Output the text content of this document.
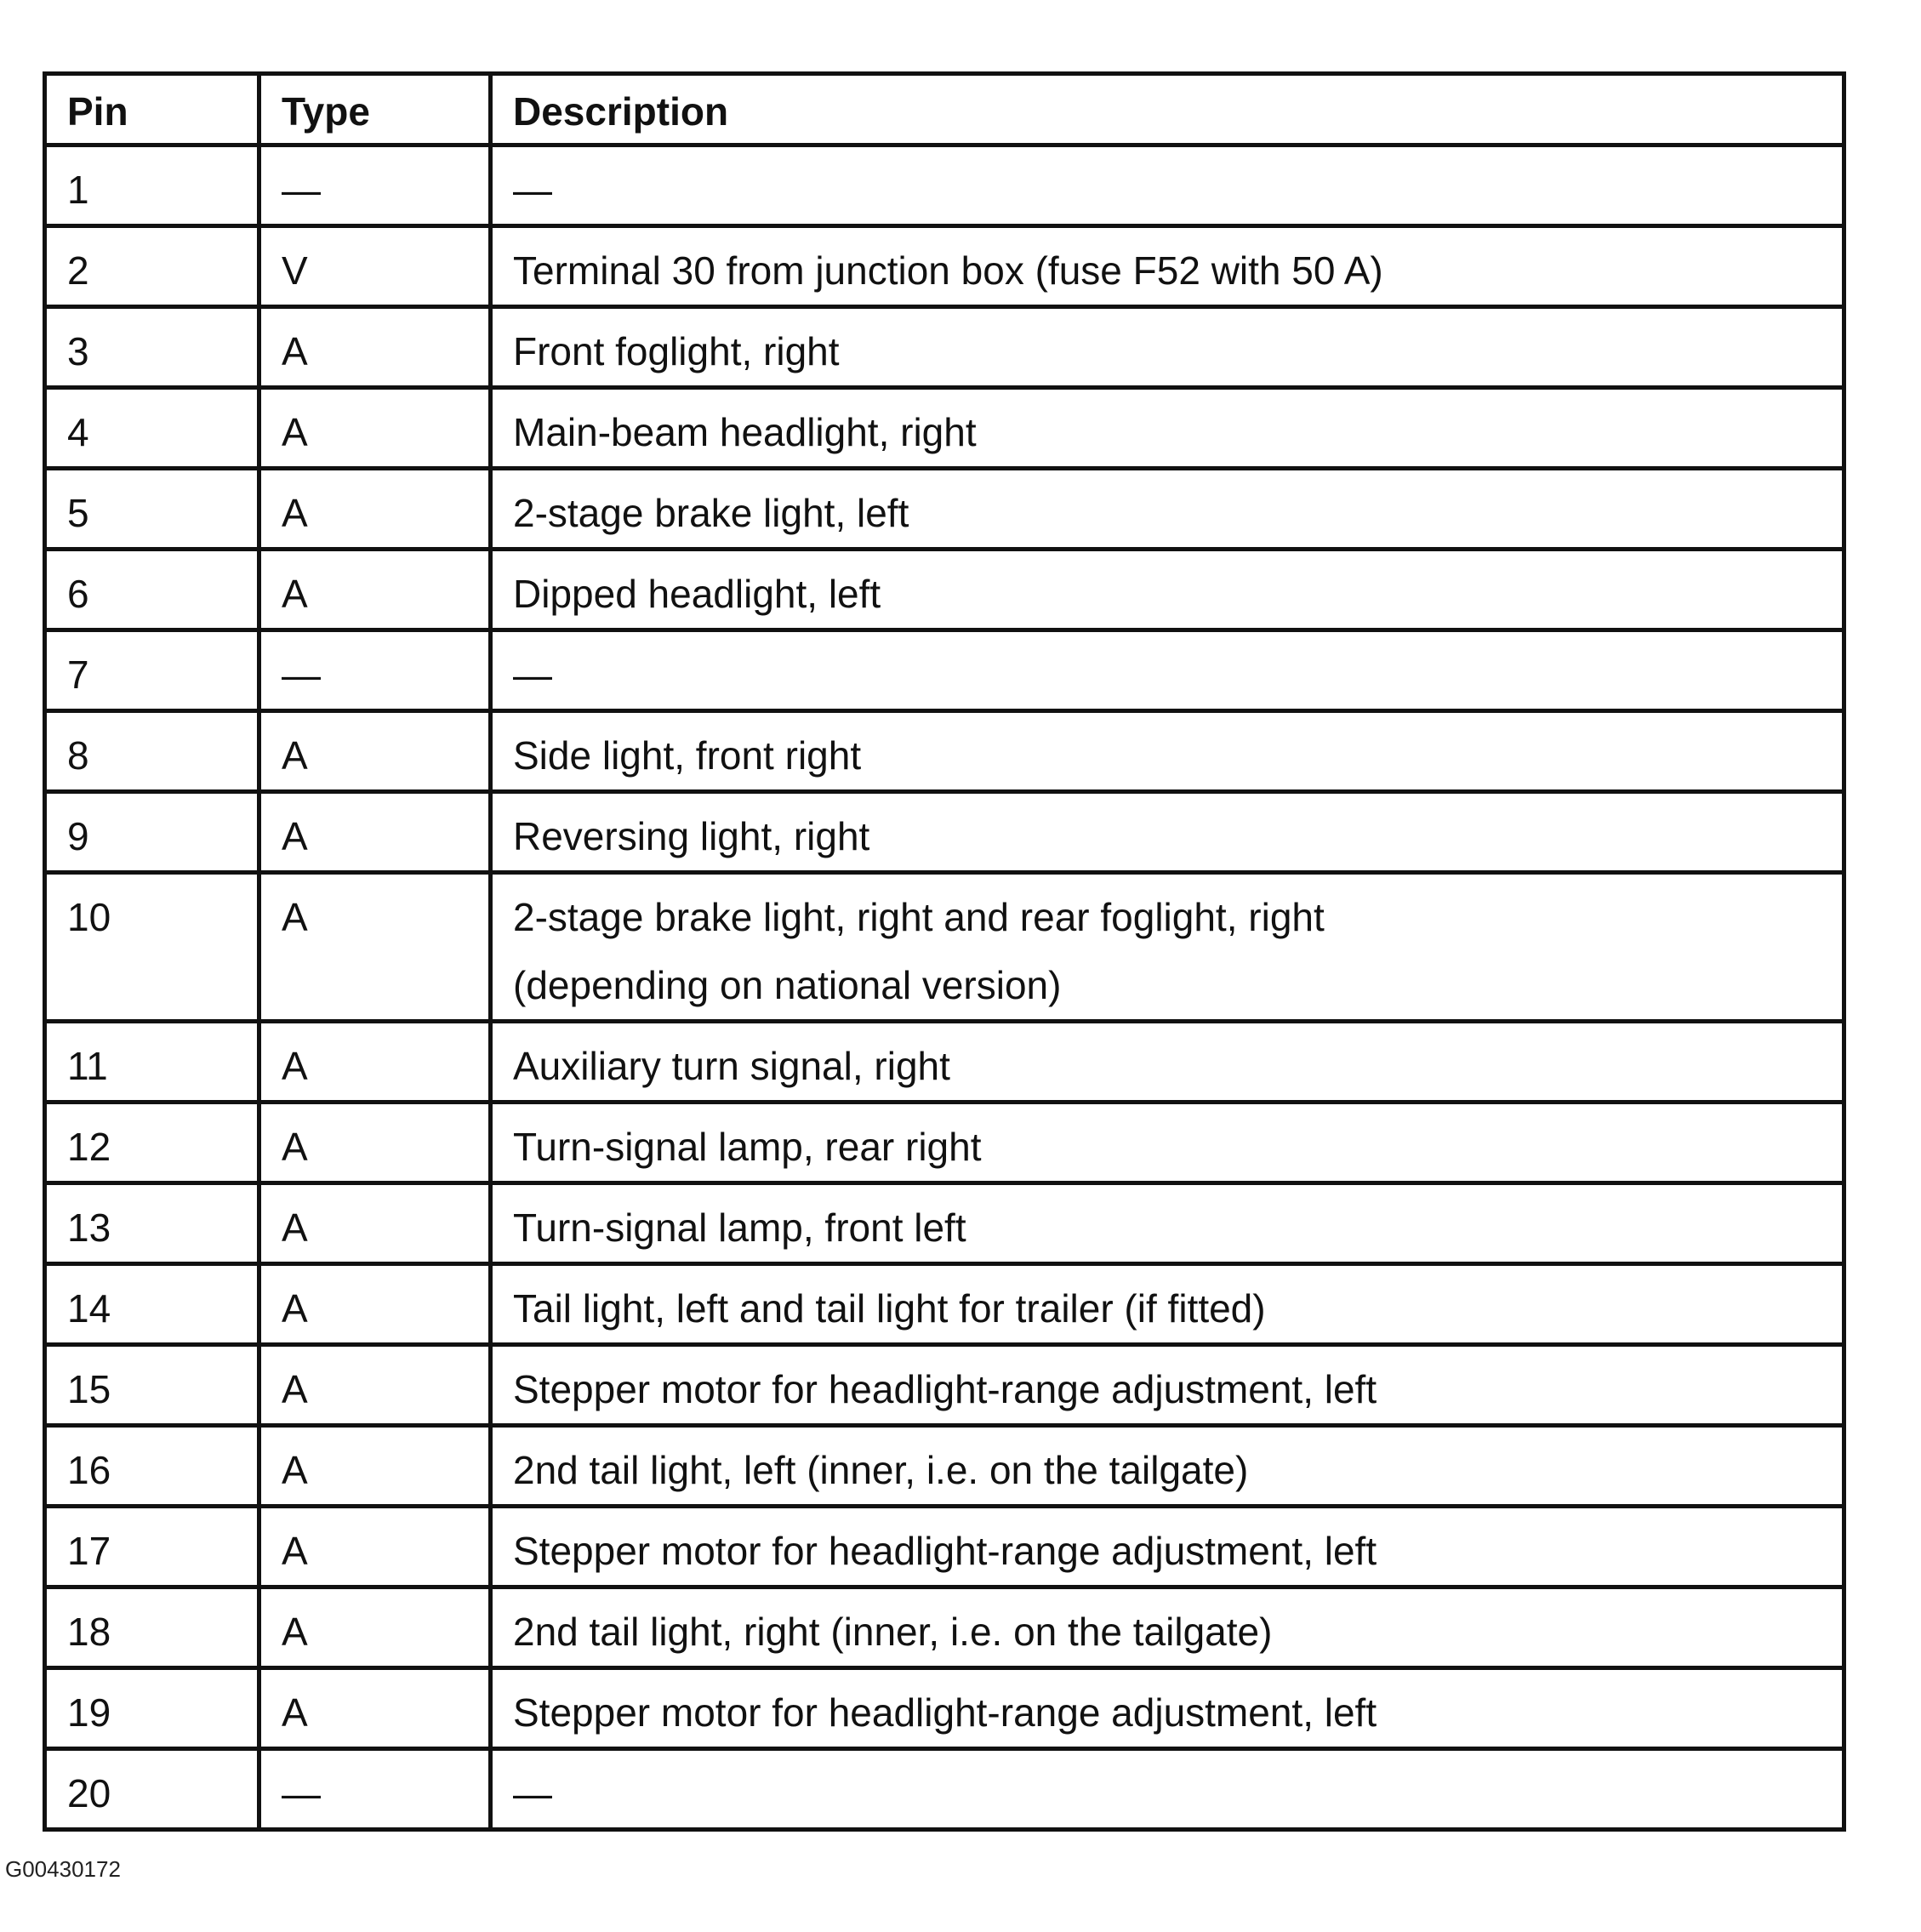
Pin	Type	Description
1	—	—

2	V	Terminal 30 from junction box (fuse F52 with 50 A)

3	A	Front foglight, right

4	A	Main-beam headlight, right

5	A	2-stage brake light, left

6	A	Dipped headlight, left

7	—	—

8	A	Side light, front right

9	A	Reversing light, right

10	A	2-stage brake light, right and rear foglight, right
(depending on national version)

11	A	Auxiliary turn signal, right

12	A	Turn-signal lamp, rear right

13	A	Turn-signal lamp, front left

14	A	Tail light, left and tail light for trailer (if fitted)

15	A	Stepper motor for headlight-range adjustment, left

16	A	2nd tail light, left (inner, i.e. on the tailgate)

17	A	Stepper motor for headlight-range adjustment, left

18	A	2nd tail light, right (inner, i.e. on the tailgate)

19	A	Stepper motor for headlight-range adjustment, left

20	—	—
G00430172
